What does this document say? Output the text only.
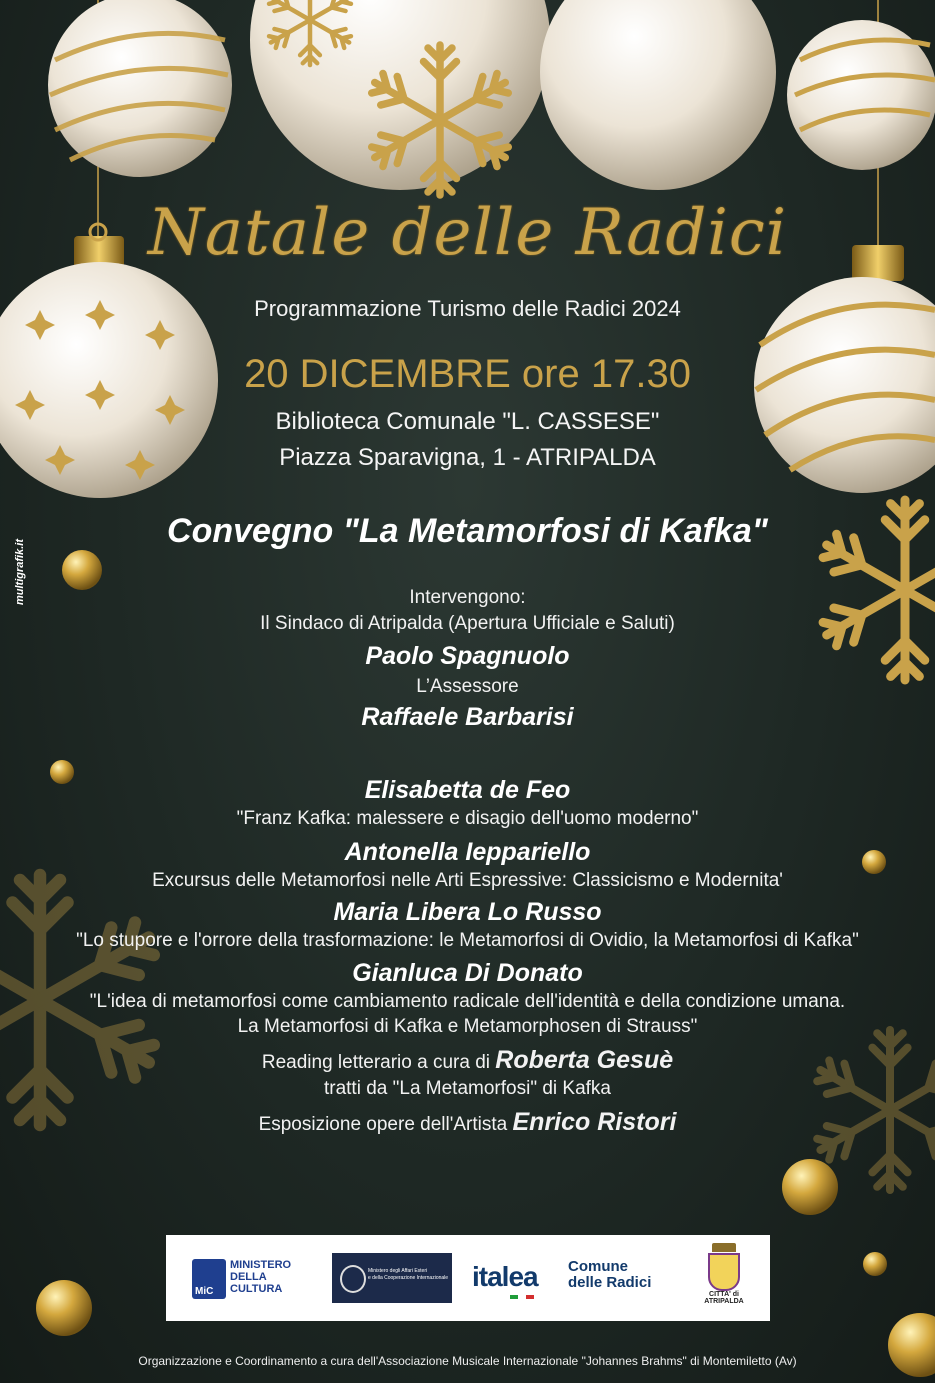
multigrafik.it
Natale delle Radici
Programmazione Turismo delle Radici 2024
20 DICEMBRE ore 17.30
Biblioteca Comunale "L. CASSESE"
Piazza Sparavigna, 1 - ATRIPALDA
Convegno "La Metamorfosi di Kafka"
Intervengono:
Il Sindaco di Atripalda (Apertura Ufficiale e Saluti)
Paolo Spagnuolo
L’Assessore
Raffaele Barbarisi
Elisabetta de Feo
"Franz Kafka: malessere e disagio dell'uomo moderno"
Antonella Ieppariello
Excursus delle Metamorfosi nelle Arti Espressive: Classicismo e Modernita'
Maria Libera Lo Russo
"Lo stupore e l'orrore della trasformazione: le Metamorfosi di Ovidio, la Metamorfosi di Kafka"
Gianluca Di Donato
"L'idea di metamorfosi come cambiamento radicale dell'identità e della condizione umana.
La Metamorfosi di Kafka e Metamorphosen di Strauss"
Reading letterario a cura di Roberta Gesuè
tratti da "La Metamorfosi" di Kafka
Esposizione opere dell'Artista Enrico Ristori
MiC
MINISTERO
DELLA
CULTURA
Ministero degli Affari Esteri
e della Cooperazione Internazionale italea	Comune
delle Radici
CITTA' di
ATRIPALDA
Organizzazione e Coordinamento a cura dell'Associazione Musicale Internazionale "Johannes Brahms" di Montemiletto (Av)
